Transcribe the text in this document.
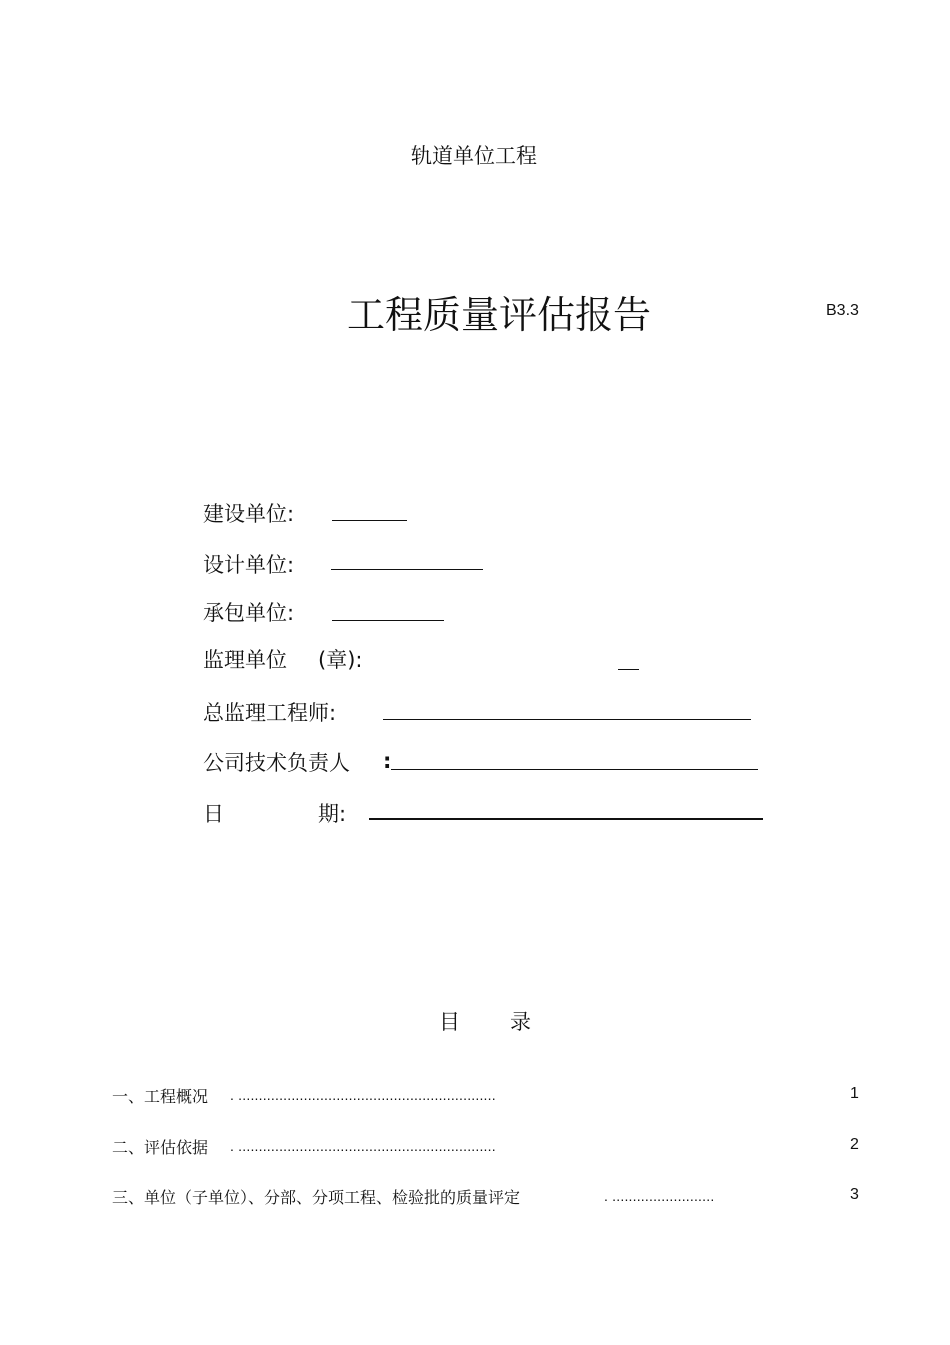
轨道单位工程
工程质量评估报告	B3.3
建设单位:
设计单位:
承包单位:
监理单位 (章):
总监理工程师:
公司技术负责人 :
日	期:
目 录
一、工程概况 . ...............................................................	1
二、评估依据 . ...............................................................	2
三、单位（子单位）、分部、分项工程、检验批的质量评定	. .........................	3
